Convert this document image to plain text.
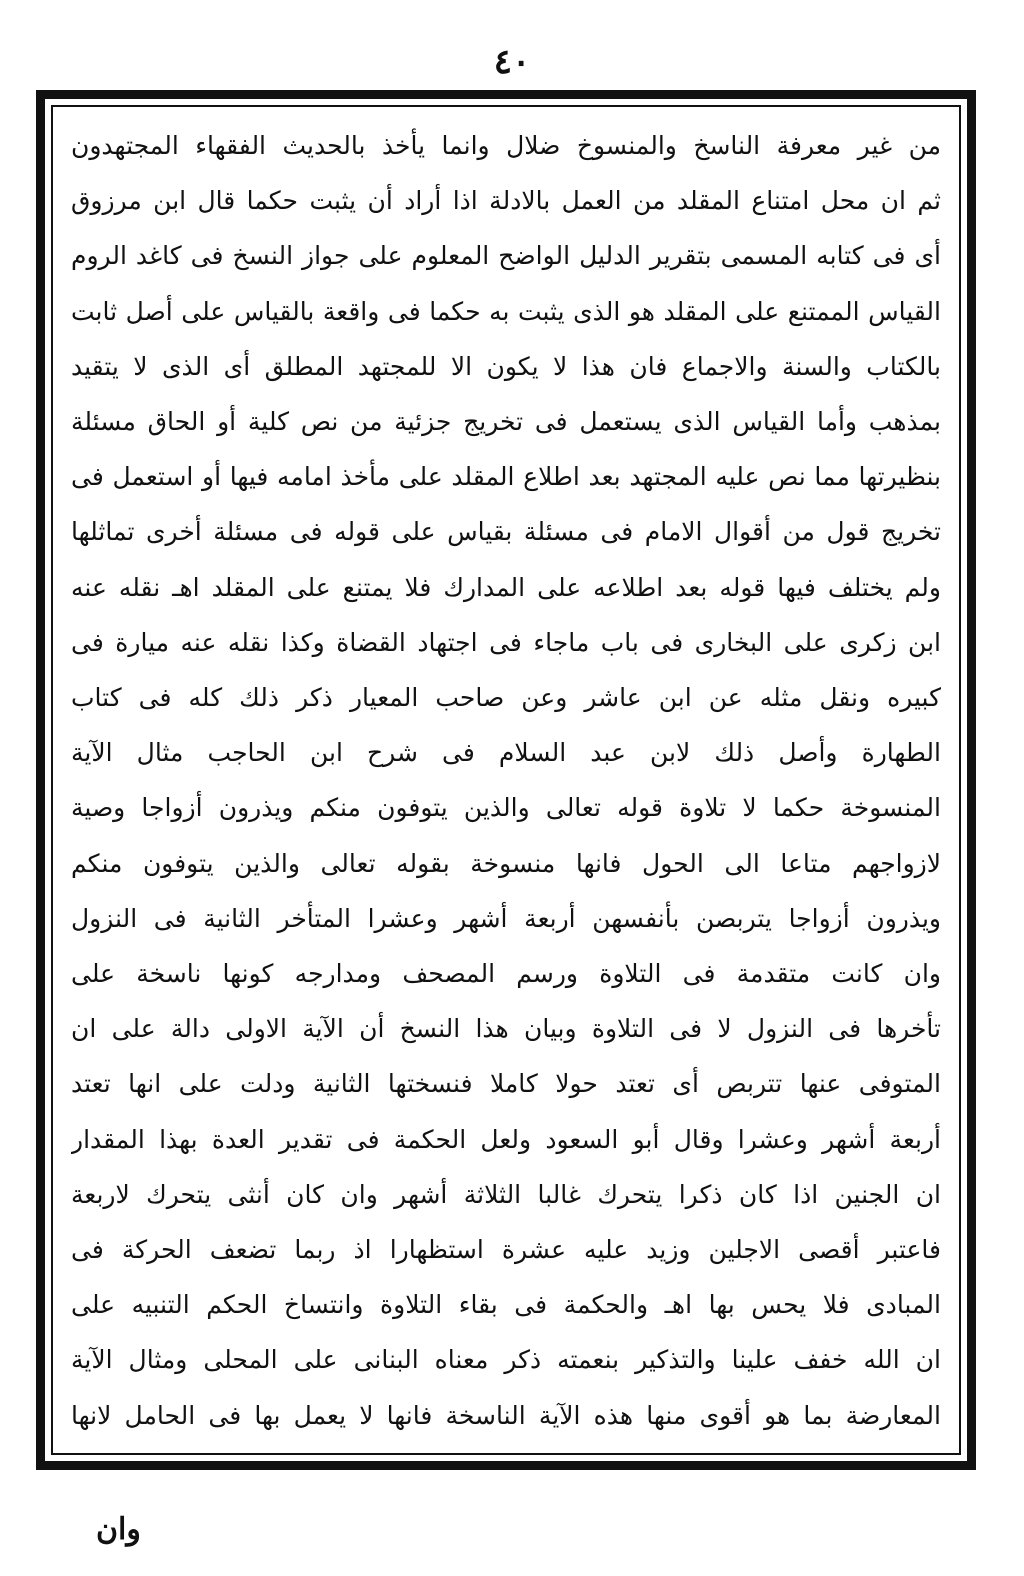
٤٠
من غير معرفة الناسخ والمنسوخ ضلال وانما يأخذ بالحديث الفقهاء المجتهدون
ثم ان محل امتناع المقلد من العمل بالادلة اذا أراد أن يثبت حكما قال ابن مرزوق
أى فى كتابه المسمى بتقرير الدليل الواضح المعلوم على جواز النسخ فى كاغد الروم
القياس الممتنع على المقلد هو الذى يثبت به حكما فى واقعة بالقياس على أصل ثابت
بالكتاب والسنة والاجماع فان هذا لا يكون الا للمجتهد المطلق أى الذى لا يتقيد
بمذهب وأما القياس الذى يستعمل فى تخريج جزئية من نص كلية أو الحاق مسئلة
بنظيرتها مما نص عليه المجتهد بعد اطلاع المقلد على مأخذ امامه فيها أو استعمل فى
تخريج قول من أقوال الامام فى مسئلة بقياس على قوله فى مسئلة أخرى تماثلها
ولم يختلف فيها قوله بعد اطلاعه على المدارك فلا يمتنع على المقلد اهـ نقله عنه
ابن زكرى على البخارى فى باب ماجاء فى اجتهاد القضاة وكذا نقله عنه ميارة فى
كبيره ونقل مثله عن ابن عاشر وعن صاحب المعيار ذكر ذلك كله فى كتاب
الطهارة وأصل ذلك لابن عبد السلام فى شرح ابن الحاجب مثال الآية
المنسوخة حكما لا تلاوة قوله تعالى والذين يتوفون منكم ويذرون أزواجا وصية
لازواجهم متاعا الى الحول فانها منسوخة بقوله تعالى والذين يتوفون منكم
ويذرون أزواجا يتربصن بأنفسهن أربعة أشهر وعشرا المتأخر الثانية فى النزول
وان كانت متقدمة فى التلاوة ورسم المصحف ومدارجه كونها ناسخة على
تأخرها فى النزول لا فى التلاوة وبيان هذا النسخ أن الآية الاولى دالة على ان
المتوفى عنها تتربص أى تعتد حولا كاملا فنسختها الثانية ودلت على انها تعتد
أربعة أشهر وعشرا وقال أبو السعود ولعل الحكمة فى تقدير العدة بهذا المقدار
ان الجنين اذا كان ذكرا يتحرك غالبا الثلاثة أشهر وان كان أنثى يتحرك لاربعة
فاعتبر أقصى الاجلين وزيد عليه عشرة استظهارا اذ ربما تضعف الحركة فى
المبادى فلا يحس بها اهـ والحكمة فى بقاء التلاوة وانتساخ الحكم التنبيه على
ان الله خفف علينا والتذكير بنعمته ذكر معناه البنانى على المحلى ومثال الآية
المعارضة بما هو أقوى منها هذه الآية الناسخة فانها لا يعمل بها فى الحامل لانها
وان
